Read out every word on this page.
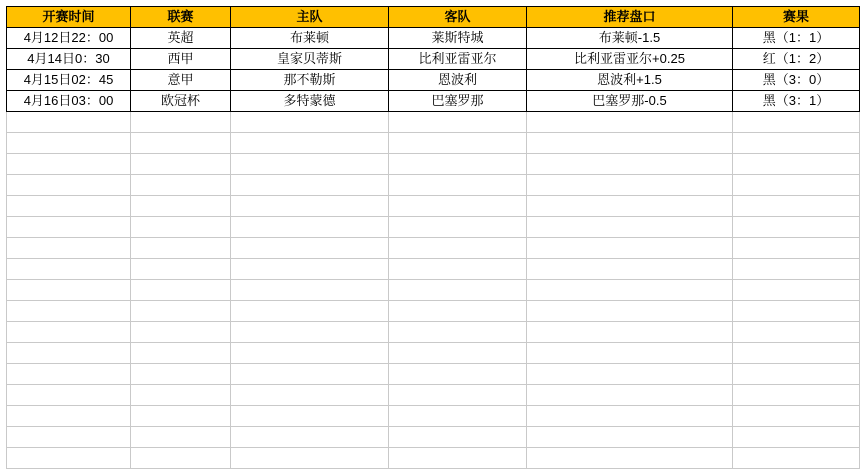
开赛时间	联赛	主队	客队	推荐盘口	赛果
4月12日22：00	英超	布莱顿	莱斯特城	布莱顿-1.5	黑（1：1）
4月14日0：30	西甲	皇家贝蒂斯	比利亚雷亚尔	比利亚雷亚尔+0.25	红（1：2）
4月15日02：45	意甲	那不勒斯	恩波利	恩波利+1.5	黑（3：0）
4月16日03：00	欧冠杯	多特蒙德	巴塞罗那	巴塞罗那-0.5	黑（3：1）
